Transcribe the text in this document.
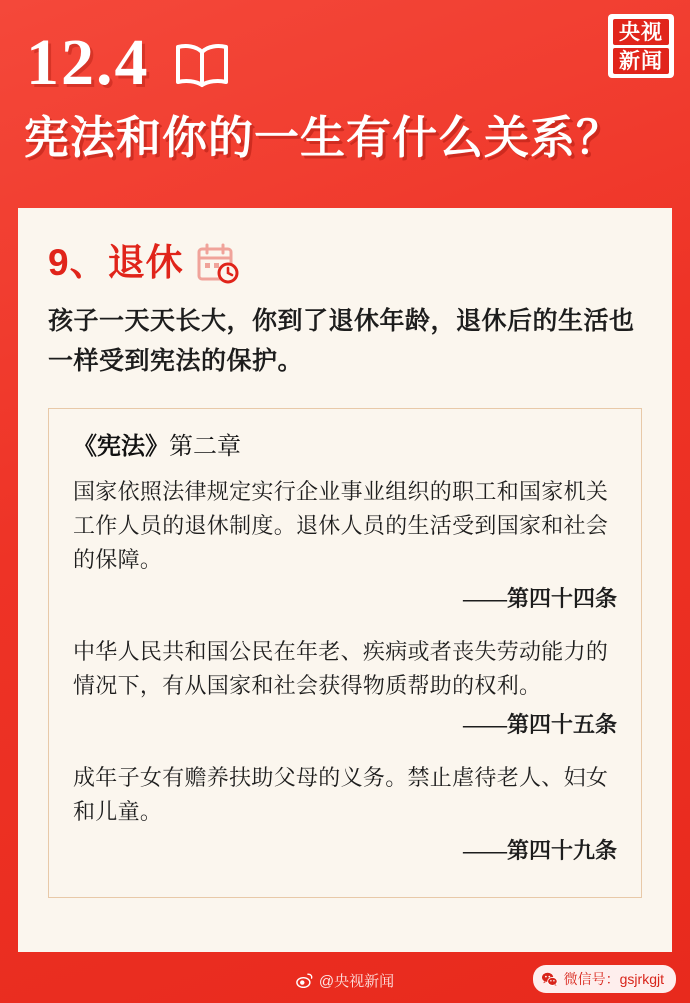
央视
新闻
12.4
宪法和你的一生有什么关系？
9、退休

孩子一天天长大，你到了退休年龄，退休后的生活也一样受到宪法的保护。

《宪法》第二章

国家依照法律规定实行企业事业组织的职工和国家机关工作人员的退休制度。退休人员的生活受到国家和社会的保障。

——第四十四条

中华人民共和国公民在年老、疾病或者丧失劳动能力的情况下，有从国家和社会获得物质帮助的权利。

——第四十五条

成年子女有赡养扶助父母的义务。禁止虐待老人、妇女和儿童。

——第四十九条

@央视新闻	微信号：gsjrkgjt
